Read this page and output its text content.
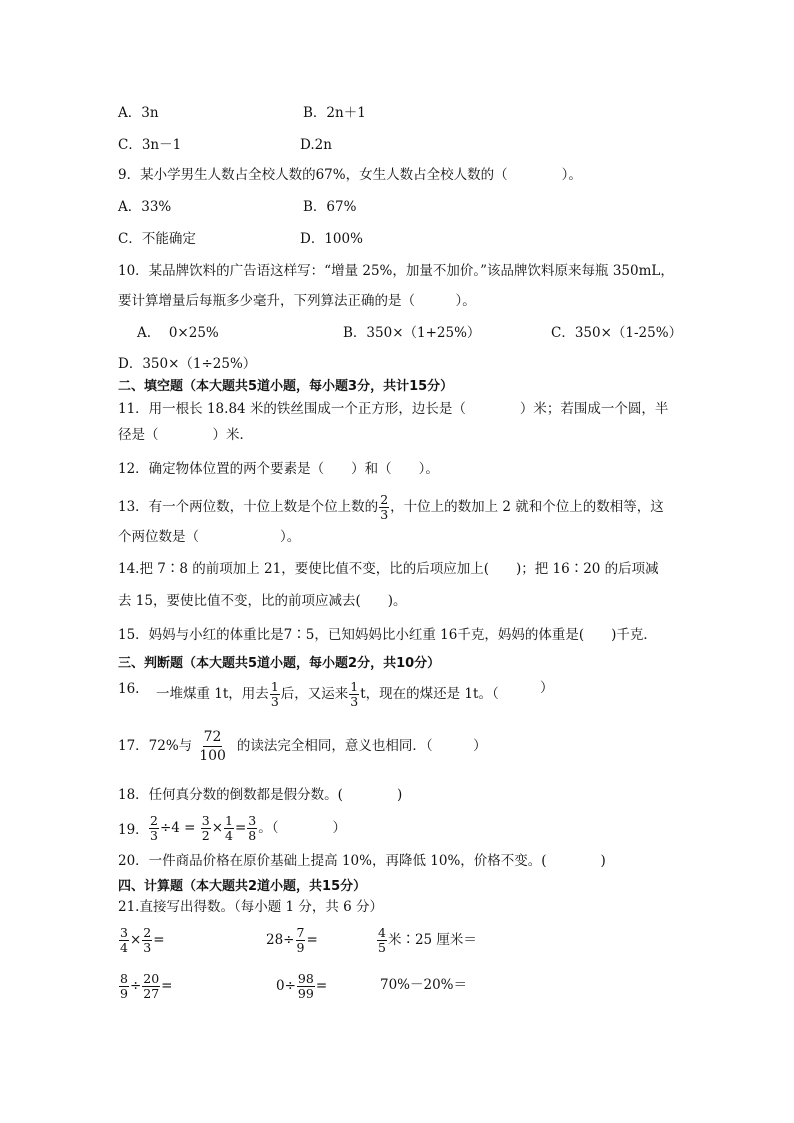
A．3n	B．2n＋1
C．3n－1	D.2n
9．某小学男生人数占全校人数的67%，女生人数占全校人数的（　　　　）。
A．33%	B．67%
C．不能确定	D．100%
10．某品牌饮料的广告语这样写：“增量 25%，加量不加价。”该品牌饮料原来每瓶 350mL，
要计算增量后每瓶多少毫升，下列算法正确的是（　　　）。
A.　 0×25%	B．350×（1+25%）	C．350×（1-25%）
D．350×（1÷25%）
二、填空题（本大题共5道小题，每小题3分，共计15分）
11．用一根长 18.84 米的铁丝围成一个正方形，边长是（　　　　）米；若围成一个圆，半
径是（　　　　）米．
12．确定物体位置的两个要素是（　　）和（　　）。
13．有一个两位数，十位上数是个位上数的 $\frac{2}{3}$ ，十位上的数加上 2 就和个位上的数相等，这
个两位数是（　　　　　　）。
14.把 7∶8 的前项加上 21，要使比值不变，比的后项应加上(　　)；把 16∶20 的后项减
去 15，要使比值不变，比的前项应减去(　　)。
15．妈妈与小红的体重比是7∶5，已知妈妈比小红重 16千克，妈妈的体重是(　　)千克．
三、判断题（本大题共5道小题，每小题2分，共10分）
16. 一堆煤重 1t，用去 $\frac{1}{3}$ 后，又运来 $\frac{1}{3}$ t，现在的煤还是 1t。（	）
17．72%与 $\frac{72}{100}$ 的读法完全相同，意义也相同．（　　　）
18．任何真分数的倒数都是假分数。(　　　　)
19． $\frac{2}{3} \div 4 = \frac{3}{2} \times \frac{1}{4} = \frac{3}{8}$ 。（　　　　）
20．一件商品价格在原价基础上提高 10%，再降低 10%，价格不变。(　　　　)
四、计算题（本大题共2道小题，共15分）
21.直接写出得数。（每小题 1 分，共 6 分）
$\frac{3}{4} \times \frac{2}{3}$ =	$28\div \frac{7}{9}$ =	$\frac{4}{5}$ 米∶25 厘米＝
$\frac{8}{9} \div \frac{20}{27}$ =	$0\div \frac{98}{99}$ =	70%－20%＝
